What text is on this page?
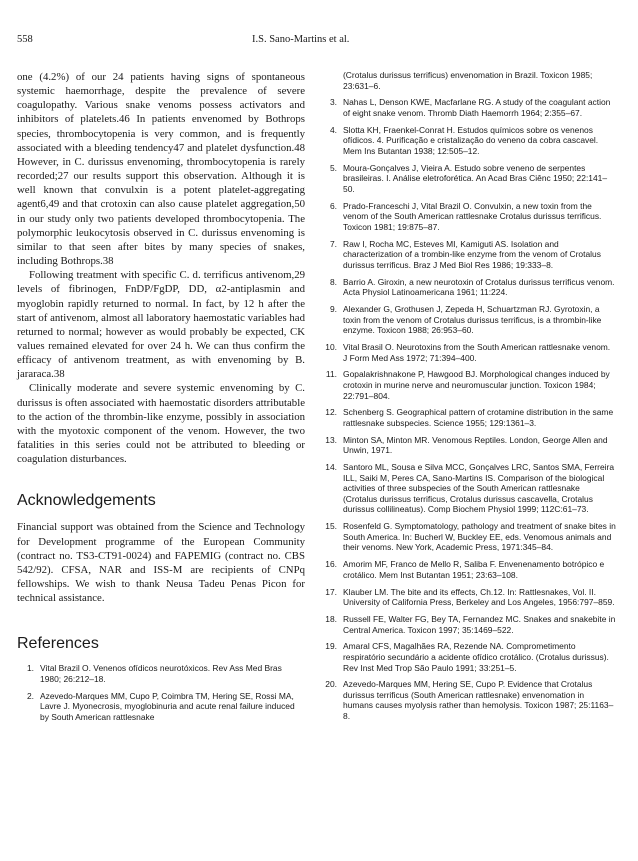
558	I.S. Sano-Martins et al.

one (4.2%) of our 24 patients having signs of spontaneous systemic haemorrhage, despite the prevalence of severe coagulopathy. Various snake venoms possess activators and inhibitors of platelets.46 In patients envenomed by Bothrops species, thrombocytopenia is very common, and is frequently associated with a bleeding tendency47 and platelet dysfunction.48 However, in C. durissus envenoming, thrombocytopenia is rarely recorded;27 our results support this observation. Although it is well known that convulxin is a potent platelet-aggregating agent6,49 and that crotoxin can also cause platelet aggregation,50 in our study only two patients developed thrombocytopenia. The polymorphic leukocytosis observed in C. durissus envenoming is similar to that seen after bites by many species of snakes, including Bothrops.38

Following treatment with specific C. d. terrificus antivenom,29 levels of fibrinogen, FnDP/FgDP, DD, α2-antiplasmin and myoglobin rapidly returned to normal. In fact, by 12 h after the start of antivenom, almost all laboratory haemostatic variables had returned to normal; however as would probably be expected, CK values remained elevated for over 24 h. We can thus confirm the efficacy of antivenom treatment, as with envenoming by B. jararaca.38

Clinically moderate and severe systemic envenoming by C. durissus is often associated with haemostatic disorders attributable to the action of the thrombin-like enzyme, possibly in association with the myotoxic component of the venom. However, the two fatalities in this series could not be attributed to bleeding or coagulation disturbances.

Acknowledgements

Financial support was obtained from the Science and Technology for Development programme of the European Community (contract no. TS3-CT91-0024) and FAPEMIG (contract no. CBS 542/92). CFSA, NAR and ISS-M are recipients of CNPq fellowships. We wish to thank Neusa Tadeu Penas Picon for technical assistance.

References
1. Vital Brazil O. Venenos ofídicos neurotóxicos. Rev Ass Med Bras 1980; 26:212–18.
2. Azevedo-Marques MM, Cupo P, Coimbra TM, Hering SE, Rossi MA, Lavre J. Myonecrosis, myoglobinuria and acute renal failure induced by South American rattlesnake
(Crotalus durissus terrificus) envenomation in Brazil. Toxicon 1985; 23:631–6.
3. Nahas L, Denson KWE, Macfarlane RG. A study of the coagulant action of eight snake venom. Thromb Diath Haemorrh 1964; 2:355–67.
4. Slotta KH, Fraenkel-Conrat H. Estudos químicos sobre os venenos ofídicos. 4. Purificação e cristalização do veneno da cobra cascavel. Mem Ins Butantan 1938; 12:505–12.
5. Moura-Gonçalves J, Vieira A. Estudo sobre veneno de serpentes brasileiras. I. Análise eletroforética. An Acad Bras Ciênc 1950; 22:141–50.
6. Prado-Franceschi J, Vital Brazil O. Convulxin, a new toxin from the venom of the South American rattlesnake Crotalus durissus terrificus. Toxicon 1981; 19:875–87.
7. Raw I, Rocha MC, Esteves MI, Kamiguti AS. Isolation and characterization of a trombin-like enzyme from the venom of Crotalus durissus terrificus. Braz J Med Biol Res 1986; 19:333–8.
8. Barrio A. Giroxin, a new neurotoxin of Crotalus durissus terrificus venom. Acta Physiol Latinoamericana 1961; 11:224.
9. Alexander G, Grothusen J, Zepeda H, Schuartzman RJ. Gyrotoxin, a toxin from the venom of Crotalus durissus terrificus, is a thrombin-like enzyme. Toxicon 1988; 26:953–60.
10. Vital Brasil O. Neurotoxins from the South American rattlesnake venom. J Form Med Ass 1972; 71:394–400.
11. Gopalakrishnakone P, Hawgood BJ. Morphological changes induced by crotoxin in murine nerve and neuromuscular junction. Toxicon 1984; 22:791–804.
12. Schenberg S. Geographical pattern of crotamine distribution in the same rattlesnake subspecies. Science 1955; 129:1361–3.
13. Minton SA, Minton MR. Venomous Reptiles. London, George Allen and Unwin, 1971.
14. Santoro ML, Sousa e Silva MCC, Gonçalves LRC, Santos SMA, Ferreira ILL, Saiki M, Peres CA, Sano-Martins IS. Comparison of the biological activities of three subspecies of the South American rattlesnake (Crotalus durissus terrificus, Crotalus durissus cascavella, Crotalus durissus collilineatus). Comp Biochem Physiol 1999; 112C:61–73.
15. Rosenfeld G. Symptomatology, pathology and treatment of snake bites in South America. In: Bucherl W, Buckley EE, eds. Venomous animals and their venoms. New York, Academic Press, 1971:345–84.
16. Amorim MF, Franco de Mello R, Saliba F. Envenenamento botrópico e crotálico. Mem Inst Butantan 1951; 23:63–108.
17. Klauber LM. The bite and its effects, Ch.12. In: Rattlesnakes, Vol. II. University of California Press, Berkeley and Los Angeles, 1956:797–859.
18. Russell FE, Walter FG, Bey TA, Fernandez MC. Snakes and snakebite in Central America. Toxicon 1997; 35:1469–522.
19. Amaral CFS, Magalhães RA, Rezende NA. Comprometimento respiratório secundário a acidente ofídico crotálico. (Crotalus durissus). Rev Inst Med Trop São Paulo 1991; 33:251–5.
20. Azevedo-Marques MM, Hering SE, Cupo P. Evidence that Crotalus durissus terrificus (South American rattlesnake) envenomation in humans causes myolysis rather than hemolysis. Toxicon 1987; 25:1163–8.
